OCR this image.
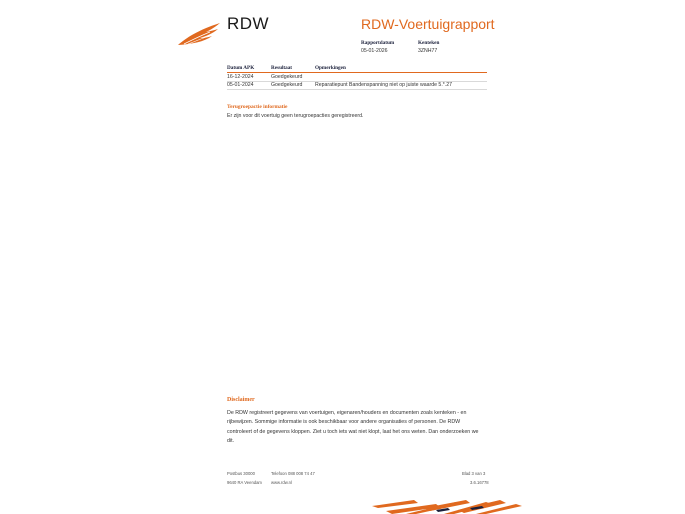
RDW	RDW-Voertuigrapport
Rapportdatum
05-01-2026
Kenteken
3ZNH77
Datum APK	Resultaat	Opmerkingen
16-12-2024	Goedgekeurd
05-01-2024	Goedgekeurd Reparatiepunt Bandenspanning niet op juiste waarde 5.*.27
Terugroepactie informatie
Er zijn voor dit voertuig geen terugroepacties geregistreerd.
Disclaimer
De RDW registreert gegevens van voertuigen, eigenaren/houders en documenten zoals kenteken - en rijbewijzen. Sommige informatie is ook beschikbaar voor andere organisaties of personen. De RDW controleert of de gegevens kloppen. Ziet u toch iets wat niet klopt, laat het ons weten. Dan onderzoeken we dit.
Postbus 30000
9640 RA Veendam
Telefoon 088 008 74 47
www.rdw.nl
Blad 3 van 3
3.6.16778
